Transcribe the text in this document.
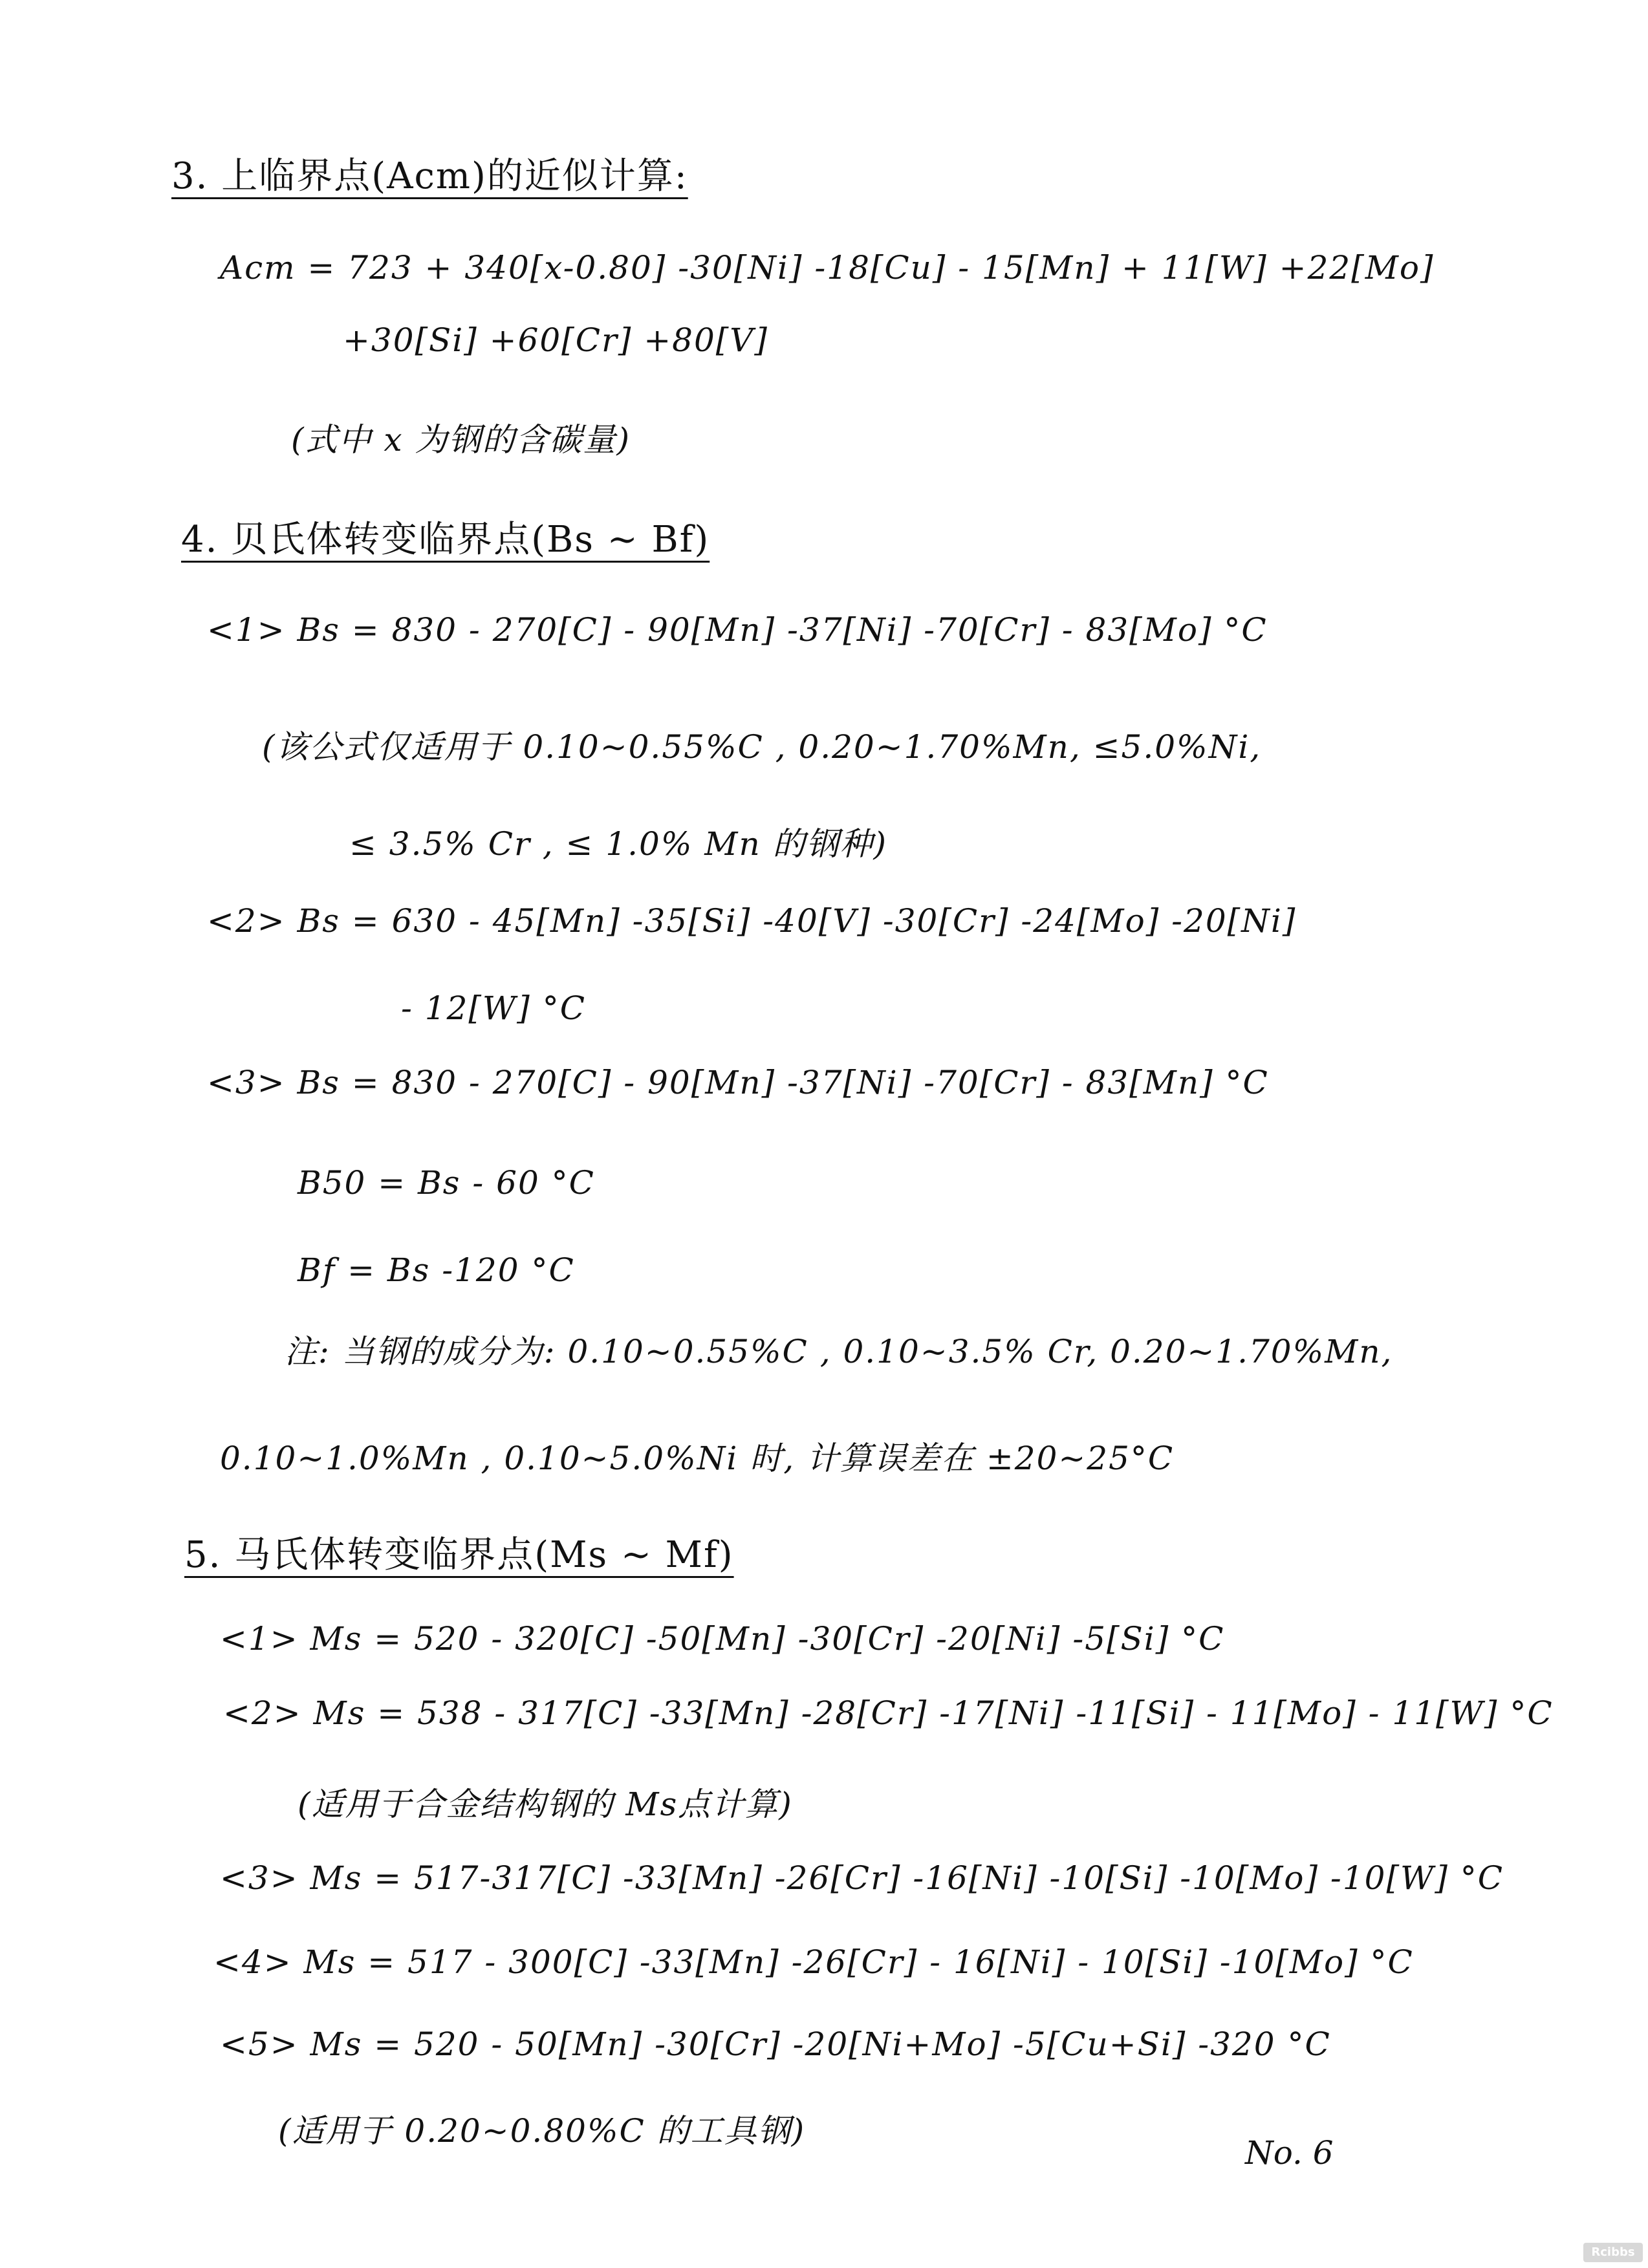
3. 上临界点(Acm)的近似计算:
Acm = 723 + 340[x-0.80] -30[Ni] -18[Cu] - 15[Mn] + 11[W] +22[Mo]
+30[Si] +60[Cr] +80[V]
(式中 x 为钢的含碳量)
4. 贝氏体转变临界点(Bs ~ Bf)
<1> Bs = 830 - 270[C] - 90[Mn] -37[Ni] -70[Cr] - 83[Mo] °C
(该公式仅适用于 0.10~0.55%C , 0.20~1.70%Mn, ≤5.0%Ni,
≤ 3.5% Cr , ≤ 1.0% Mn 的钢种)
<2> Bs = 630 - 45[Mn] -35[Si] -40[V] -30[Cr] -24[Mo] -20[Ni]
- 12[W] °C
<3> Bs = 830 - 270[C] - 90[Mn] -37[Ni] -70[Cr] - 83[Mn] °C
B50 = Bs - 60 °C
Bf = Bs -120 °C
注: 当钢的成分为: 0.10~0.55%C , 0.10~3.5% Cr, 0.20~1.70%Mn,
0.10~1.0%Mn , 0.10~5.0%Ni 时, 计算误差在 ±20~25°C
5. 马氏体转变临界点(Ms ~ Mf)
<1> Ms = 520 - 320[C] -50[Mn] -30[Cr] -20[Ni] -5[Si] °C
<2> Ms = 538 - 317[C] -33[Mn] -28[Cr] -17[Ni] -11[Si] - 11[Mo] - 11[W] °C
(适用于合金结构钢的 Ms点计算)
<3> Ms = 517-317[C] -33[Mn] -26[Cr] -16[Ni] -10[Si] -10[Mo] -10[W] °C
<4> Ms = 517 - 300[C] -33[Mn] -26[Cr] - 16[Ni] - 10[Si] -10[Mo] °C
<5> Ms = 520 - 50[Mn] -30[Cr] -20[Ni+Mo] -5[Cu+Si] -320 °C
(适用于 0.20~0.80%C 的工具钢)
No. 6
Rcibbs
